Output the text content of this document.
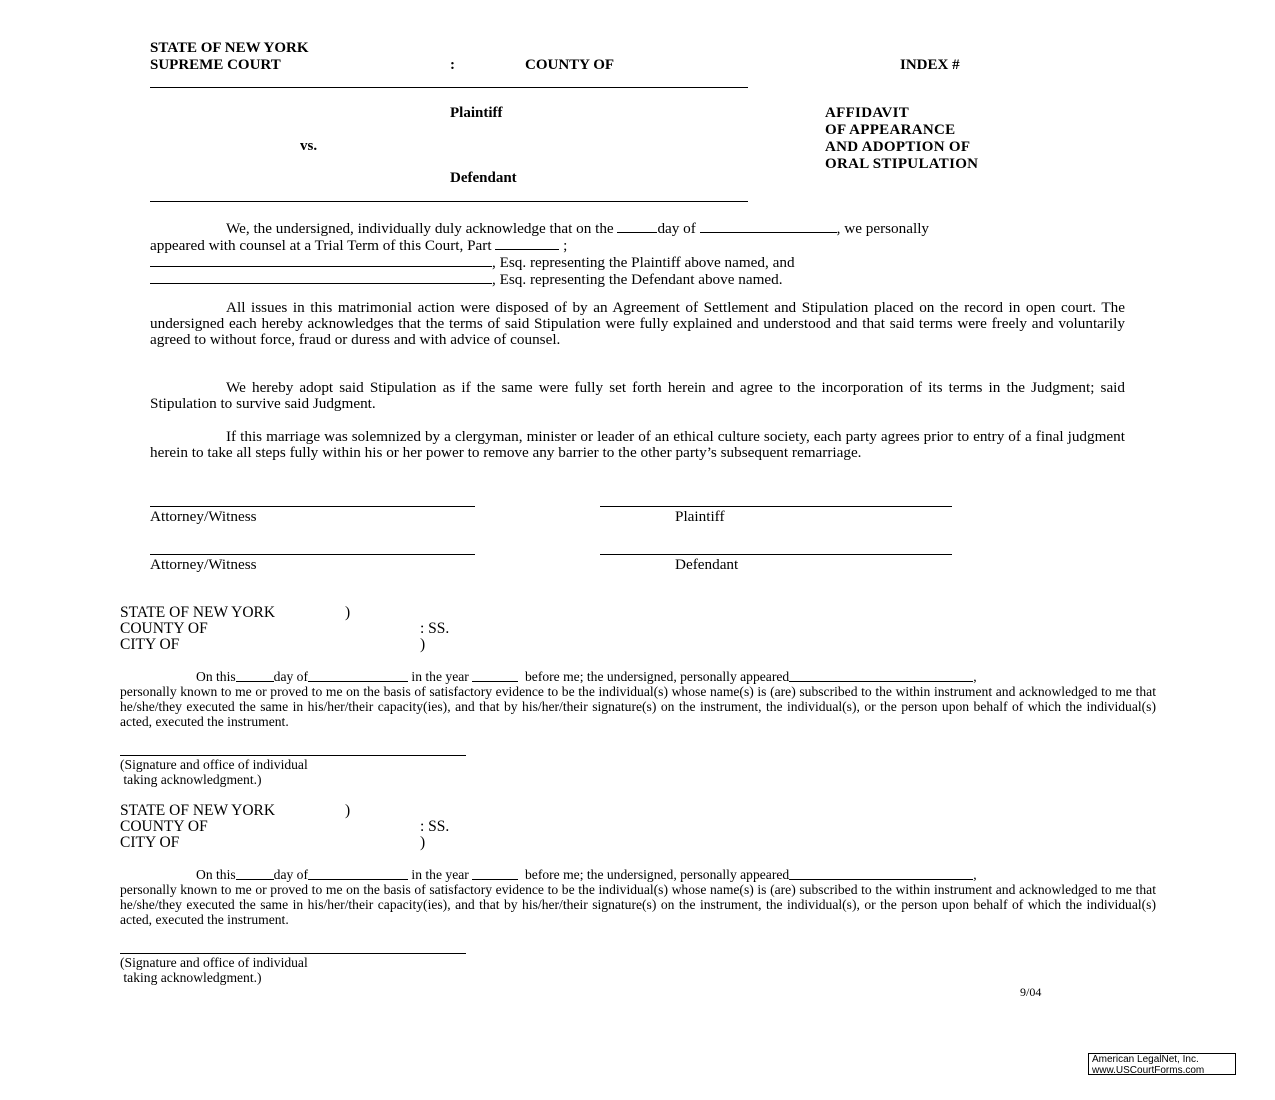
STATE OF NEW YORK
SUPREME COURT	:	COUNTY OF	INDEX #
Plaintiff
vs.
Defendant
AFFIDAVIT
OF APPEARANCE
AND ADOPTION OF
ORAL STIPULATION
We, the undersigned, individually duly acknowledge that on the	day of	, we personally
appeared with counsel at a Trial Term of this Court, Part	;
, Esq. representing the Plaintiff above named, and
, Esq. representing the Defendant above named.
All issues in this matrimonial action were disposed of by an Agreement of Settlement and Stipulation placed on the record in open court. The undersigned each hereby acknowledges that the terms of said Stipulation were fully explained and understood and that said terms were freely and voluntarily agreed to without force, fraud or duress and with advice of counsel.
We hereby adopt said Stipulation as if the same were fully set forth herein and agree to the incorporation of its terms in the Judgment; said Stipulation to survive said Judgment.
If this marriage was solemnized by a clergyman, minister or leader of an ethical culture society, each party agrees prior to entry of a final judgment herein to take all steps fully within his or her power to remove any barrier to the other party’s subsequent remarriage.
Attorney/Witness	Plaintiff
Attorney/Witness	Defendant
STATE OF NEW YORK	)
COUNTY OF	: SS.
CITY OF	)
On this	day of	in the year	before me; the undersigned, personally appeared	,
personally known to me or proved to me on the basis of satisfactory evidence to be the individual(s) whose name(s) is (are) subscribed to the within instrument and acknowledged to me that he/she/they executed the same in his/her/their capacity(ies), and that by his/her/their signature(s) on the instrument, the individual(s), or the person upon behalf of which the individual(s) acted, executed the instrument.
(Signature and office of individual
taking acknowledgment.)
STATE OF NEW YORK	)
COUNTY OF	: SS.
CITY OF	)
On this	day of	in the year	before me; the undersigned, personally appeared	,
personally known to me or proved to me on the basis of satisfactory evidence to be the individual(s) whose name(s) is (are) subscribed to the within instrument and acknowledged to me that he/she/they executed the same in his/her/their capacity(ies), and that by his/her/their signature(s) on the instrument, the individual(s), or the person upon behalf of which the individual(s) acted, executed the instrument.
(Signature and office of individual
taking acknowledgment.)
9/04
American LegalNet, Inc.
www.USCourtForms.com
